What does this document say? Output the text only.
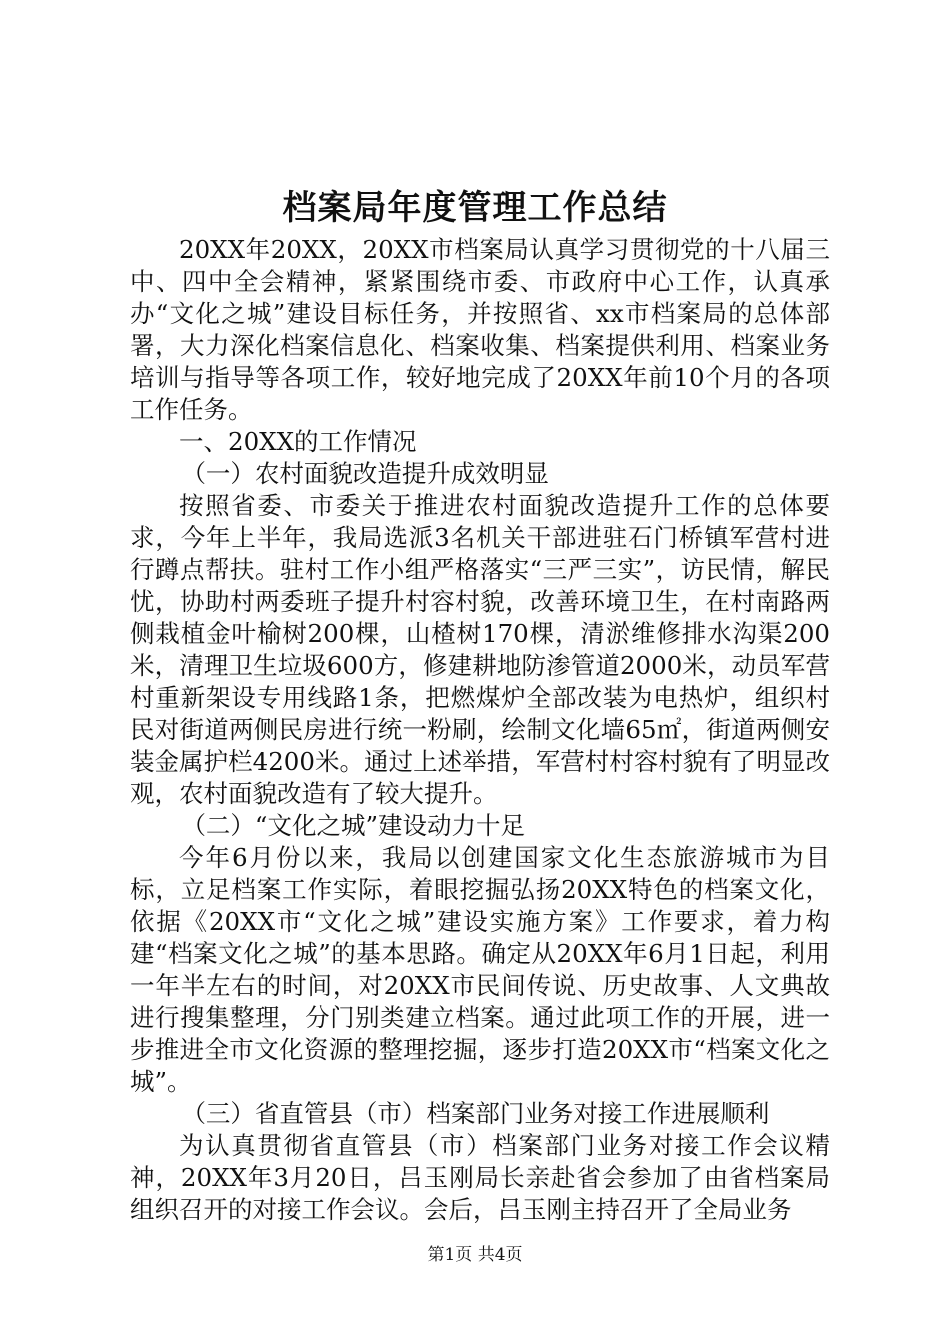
档案局年度管理工作总结

20XX年20XX，20XX市档案局认真学习贯彻党的十八届三中、四中全会精神，紧紧围绕市委、市政府中心工作，认真承办“文化之城”建设目标任务，并按照省、xx市档案局的总体部署，大力深化档案信息化、档案收集、档案提供利用、档案业务培训与指导等各项工作，较好地完成了20XX年前10个月的各项工作任务。

一、20XX的工作情况

（一）农村面貌改造提升成效明显

按照省委、市委关于推进农村面貌改造提升工作的总体要求，今年上半年，我局选派3名机关干部进驻石门桥镇军营村进行蹲点帮扶。驻村工作小组严格落实“三严三实”，访民情，解民忧，协助村两委班子提升村容村貌，改善环境卫生，在村南路两侧栽植金叶榆树200棵，山楂树170棵，清淤维修排水沟渠200米，清理卫生垃圾600方，修建耕地防渗管道2000米，动员军营村重新架设专用线路1条，把燃煤炉全部改装为电热炉，组织村民对街道两侧民房进行统一粉刷，绘制文化墙65㎡，街道两侧安装金属护栏4200米。通过上述举措，军营村村容村貌有了明显改观，农村面貌改造有了较大提升。

（二）“文化之城”建设动力十足

今年6月份以来，我局以创建国家文化生态旅游城市为目标，立足档案工作实际，着眼挖掘弘扬20XX特色的档案文化，依据《20XX市“文化之城”建设实施方案》工作要求，着力构建“档案文化之城”的基本思路。确定从20XX年6月1日起，利用一年半左右的时间，对20XX市民间传说、历史故事、人文典故进行搜集整理，分门别类建立档案。通过此项工作的开展，进一步推进全市文化资源的整理挖掘，逐步打造20XX市“档案文化之城”。

（三）省直管县（市）档案部门业务对接工作进展顺利

为认真贯彻省直管县（市）档案部门业务对接工作会议精神，20XX年3月20日，吕玉刚局长亲赴省会参加了由省档案局组织召开的对接工作会议。会后，吕玉刚主持召开了全局业务

第1页 共4页
